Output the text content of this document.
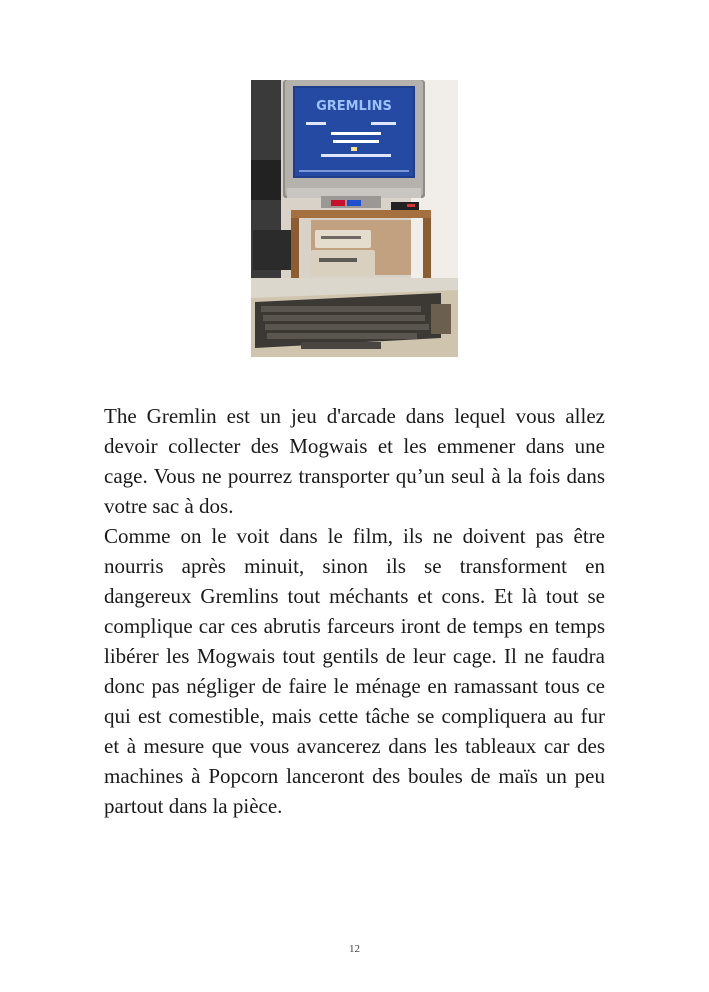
GREMLINS

The Gremlin est un jeu d'arcade dans lequel vous allez devoir collecter des Mogwais et les emmener dans une cage. Vous ne pourrez transporter qu’un seul à la fois dans votre sac à dos.

Comme on le voit dans le film, ils ne doivent pas être nourris après minuit, sinon ils se transforment en dangereux Gremlins tout méchants et cons. Et là tout se complique car ces abrutis farceurs iront de temps en temps libérer les Mogwais tout gentils de leur cage. Il ne faudra donc pas négliger de faire le ménage en ramassant tous ce qui est comestible, mais cette tâche se compliquera au fur et à mesure que vous avancerez dans les tableaux car des machines à Popcorn lanceront des boules de maïs un peu partout dans la pièce.

12
